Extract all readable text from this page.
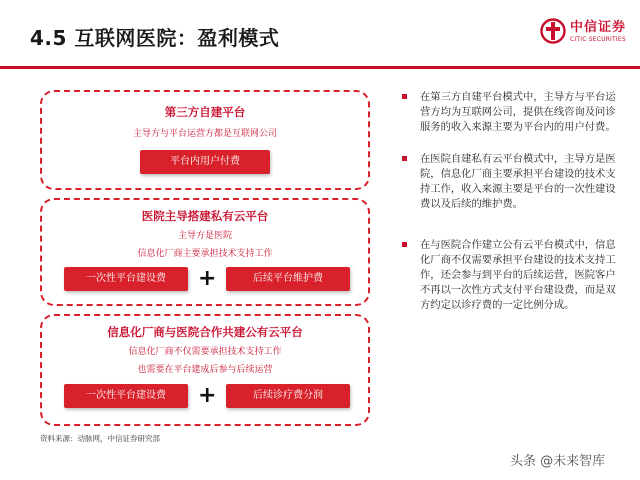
4.5 互联网医院：盈利模式	中信证券
CITIC SECURITIES
第三方自建平台
主导方与平台运营方都是互联网公司
平台内用户付费
医院主导搭建私有云平台
主导方是医院
信息化厂商主要承担技术支持工作
一次性平台建设费	+	后续平台维护费
信息化厂商与医院合作共建公有云平台
信息化厂商不仅需要承担技术支持工作
也需要在平台建成后参与后续运营
一次性平台建设费	+	后续诊疗费分润
在第三方自建平台模式中，主导方与平台运营方均为互联网公司，提供在线咨询及问诊服务的收入来源主要为平台内的用户付费。
在医院自建私有云平台模式中，主导方是医院，信息化厂商主要承担平台建设的技术支持工作，收入来源主要是平台的一次性建设费以及后续的维护费。
在与医院合作建立公有云平台模式中，信息化厂商不仅需要承担平台建设的技术支持工作，还会参与到平台的后续运营，医院客户不再以一次性方式支付平台建设费，而是双方约定以诊疗费的一定比例分成。
资料来源：动脉网，中信证券研究部
头条 @未来智库
